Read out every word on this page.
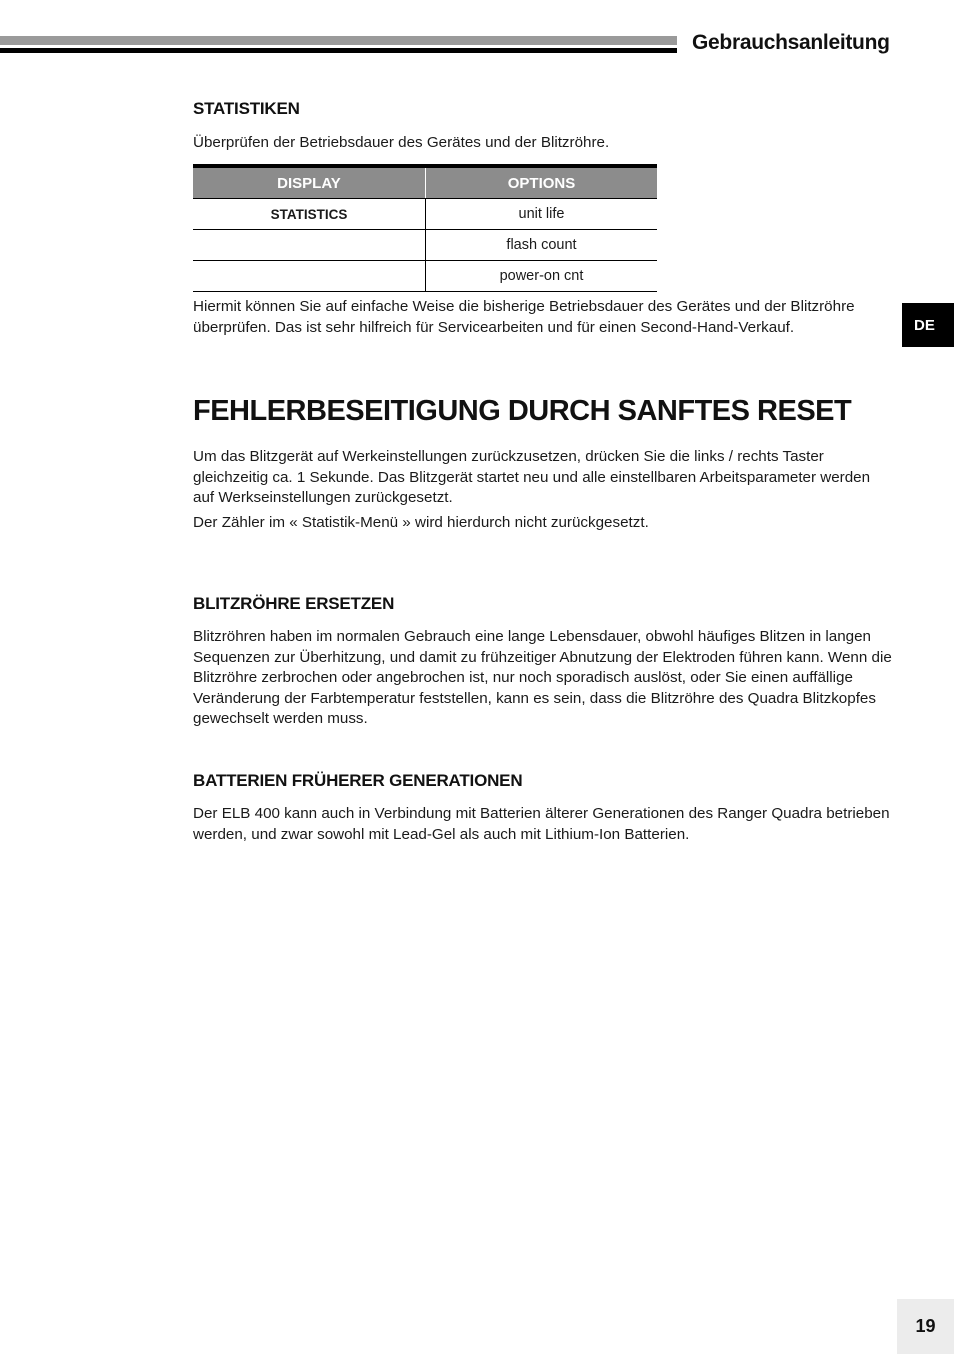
Gebrauchsanleitung
DE
STATISTIKEN
Überprüfen der Betriebsdauer des Gerätes und der Blitzröhre.
DISPLAY	OPTIONS
STATISTICS	unit life
flash count
power-on cnt
Hiermit können Sie auf einfache Weise die bisherige Betriebsdauer des Gerätes und der Blitzröhre überprüfen. Das ist sehr hilfreich für Servicearbeiten und für einen Second-Hand-Verkauf.
FEHLERBESEITIGUNG DURCH SANFTES RESET
Um das Blitzgerät auf Werkeinstellungen zurückzusetzen, drücken Sie die links / rechts Taster gleichzeitig ca. 1 Sekunde. Das Blitzgerät startet neu und alle einstellbaren Arbeitsparameter werden auf Werkseinstellungen zurückgesetzt.
Der Zähler im « Statistik-Menü » wird hierdurch nicht zurückgesetzt.
BLITZRÖHRE ERSETZEN
Blitzröhren haben im normalen Gebrauch eine lange Lebensdauer, obwohl häufiges Blitzen in langen Sequenzen zur Überhitzung, und damit zu frühzeitiger Abnutzung der Elektroden führen kann. Wenn die Blitzröhre zerbrochen oder angebrochen ist, nur noch sporadisch auslöst, oder Sie einen auffällige Veränderung der Farbtemperatur feststellen, kann es sein, dass die Blitzröhre des Quadra Blitzkopfes gewechselt werden muss.
BATTERIEN FRÜHERER GENERATIONEN
Der ELB 400 kann auch in Verbindung mit Batterien älterer Generationen des Ranger Quadra betrieben werden, und zwar sowohl mit Lead-Gel als auch mit Lithium-Ion Batterien.
19
